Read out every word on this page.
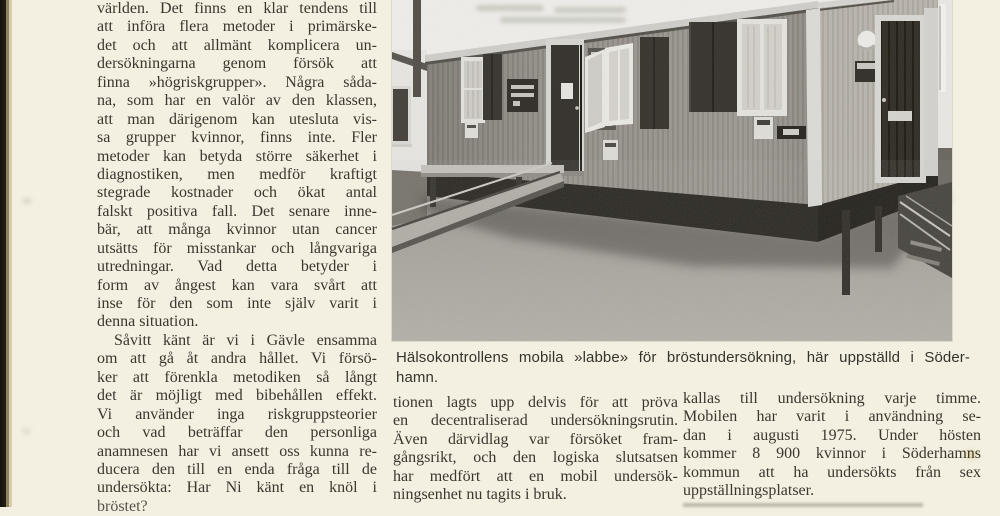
världen. Det finns en klar tendens till
att införa flera metoder i primärske-
det och att allmänt komplicera un-
dersökningarna genom försök att
finna »högriskgrupper». Några såda-
na, som har en valör av den klassen,
att man därigenom kan utesluta vis-
sa grupper kvinnor, finns inte. Fler
metoder kan betyda större säkerhet i
diagnostiken, men medför kraftigt
stegrade kostnader och ökat antal
falskt positiva fall. Det senare inne-
bär, att många kvinnor utan cancer
utsätts för misstankar och långvariga
utredningar. Vad detta betyder i
form av ångest kan vara svårt att
inse för den som inte själv varit i
denna situation.
Såvitt känt är vi i Gävle ensamma
om att gå åt andra hållet. Vi försö-
ker att förenkla metodiken så långt
det är möjligt med bibehållen effekt.
Vi använder inga riskgruppsteorier
och vad beträffar den personliga
anamnesen har vi ansett oss kunna re-
ducera den till en enda fråga till de
undersökta: Har Ni känt en knöl i
bröstet?
Hälsokontrollens mobila »labbe» för bröstundersökning, här uppställd i Söder-
hamn.
tionen lagts upp delvis för att pröva
en decentraliserad undersökningsrutin.
Även därvidlag var försöket fram-
gångsrikt, och den logiska slutsatsen
har medfört att en mobil undersök-
ningsenhet nu tagits i bruk.
kallas till undersökning varje timme.
Mobilen har varit i användning se-
dan i augusti 1975. Under hösten
kommer 8 900 kvinnor i Söderhamns
kommun att ha undersökts från sex
uppställningsplatser.
